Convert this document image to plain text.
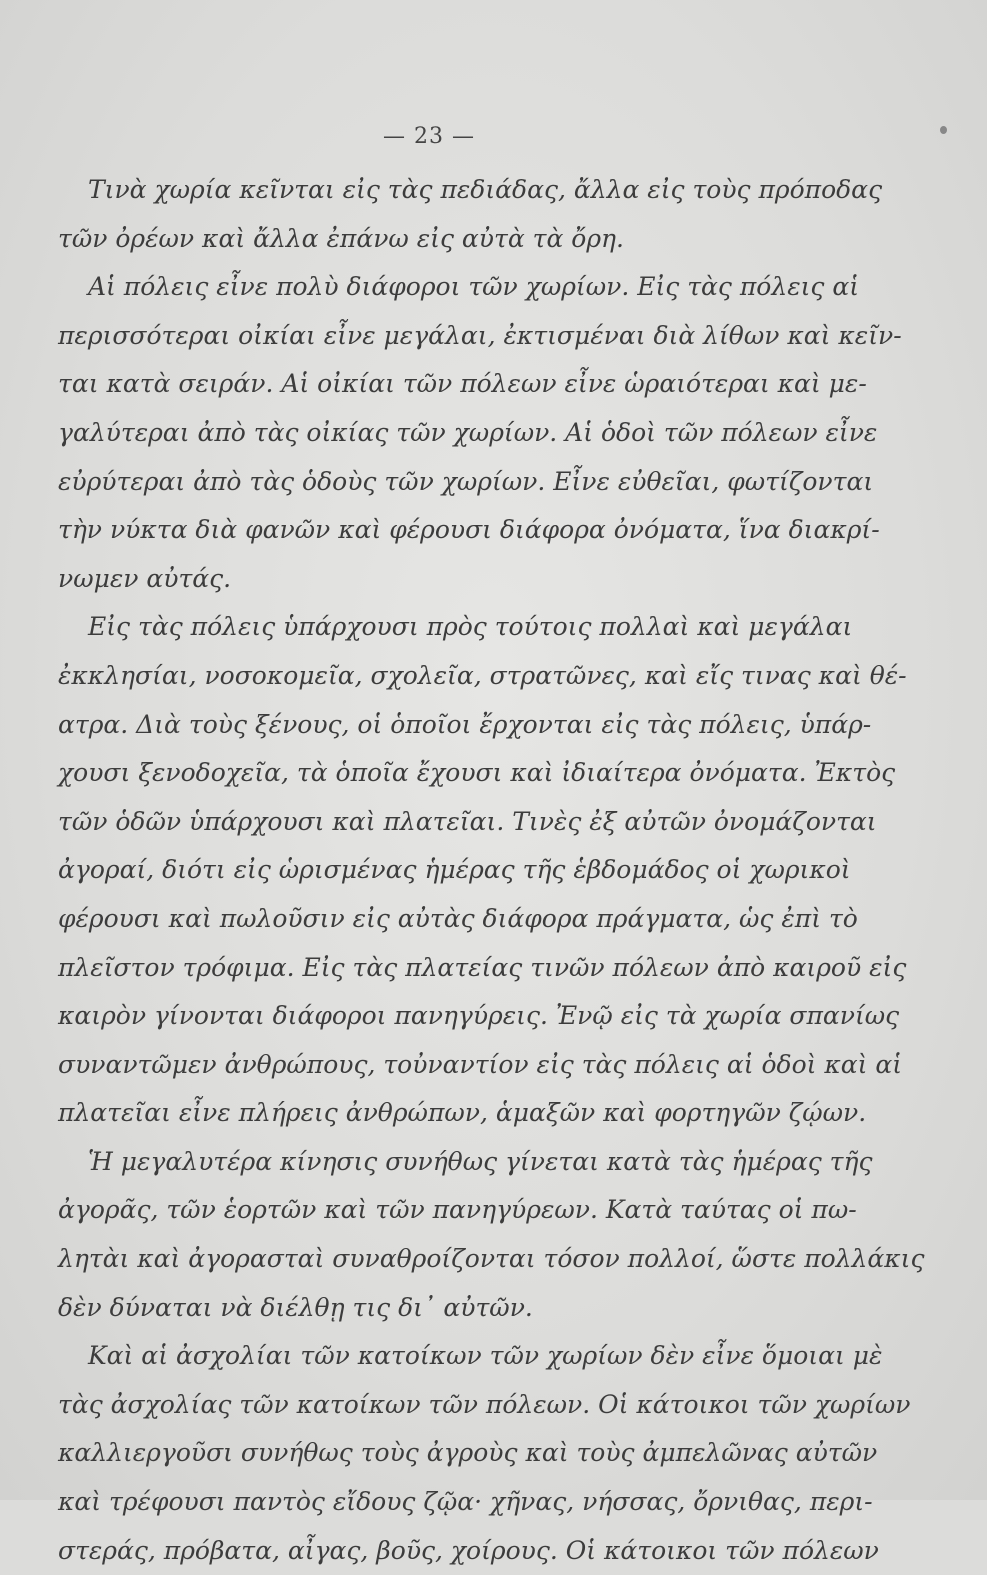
— 23 —
Τινὰ χωρία κεῖνται εἰς τὰς πεδιάδας, ἄλλα εἰς τοὺς πρόποδας
τῶν ὀρέων καὶ ἄλλα ἐπάνω εἰς αὐτὰ τὰ ὄρη.
Αἱ πόλεις εἶνε πολὺ διάφοροι τῶν χωρίων. Εἰς τὰς πόλεις αἱ
περισσότεραι οἰκίαι εἶνε μεγάλαι, ἐκτισμέναι διὰ λίθων καὶ κεῖν-
ται κατὰ σειράν. Αἱ οἰκίαι τῶν πόλεων εἶνε ὡραιότεραι καὶ με-
γαλύτεραι ἀπὸ τὰς οἰκίας τῶν χωρίων. Αἱ ὁδοὶ τῶν πόλεων εἶνε
εὐρύτεραι ἀπὸ τὰς ὁδοὺς τῶν χωρίων. Εἶνε εὐθεῖαι, φωτίζονται
τὴν νύκτα διὰ φανῶν καὶ φέρουσι διάφορα ὀνόματα, ἵνα διακρί-
νωμεν αὐτάς.
Εἰς τὰς πόλεις ὑπάρχουσι πρὸς τούτοις πολλαὶ καὶ μεγάλαι
ἐκκλησίαι, νοσοκομεῖα, σχολεῖα, στρατῶνες, καὶ εἴς τινας καὶ θέ-
ατρα. Διὰ τοὺς ξένους, οἱ ὁποῖοι ἔρχονται εἰς τὰς πόλεις, ὑπάρ-
χουσι ξενοδοχεῖα, τὰ ὁποῖα ἔχουσι καὶ ἰδιαίτερα ὀνόματα. Ἐκτὸς
τῶν ὁδῶν ὑπάρχουσι καὶ πλατεῖαι. Τινὲς ἐξ αὐτῶν ὀνομάζονται
ἀγοραί, διότι εἰς ὡρισμένας ἡμέρας τῆς ἑβδομάδος οἱ χωρικοὶ
φέρουσι καὶ πωλοῦσιν εἰς αὐτὰς διάφορα πράγματα, ὡς ἐπὶ τὸ
πλεῖστον τρόφιμα. Εἰς τὰς πλατείας τινῶν πόλεων ἀπὸ καιροῦ εἰς
καιρὸν γίνονται διάφοροι πανηγύρεις. Ἐνῷ εἰς τὰ χωρία σπανίως
συναντῶμεν ἀνθρώπους, τοὐναντίον εἰς τὰς πόλεις αἱ ὁδοὶ καὶ αἱ
πλατεῖαι εἶνε πλήρεις ἀνθρώπων, ἁμαξῶν καὶ φορτηγῶν ζῴων.
Ἡ μεγαλυτέρα κίνησις συνήθως γίνεται κατὰ τὰς ἡμέρας τῆς
ἀγορᾶς, τῶν ἑορτῶν καὶ τῶν πανηγύρεων. Κατὰ ταύτας οἱ πω-
λητὰι καὶ ἀγορασταὶ συναθροίζονται τόσον πολλοί, ὥστε πολλάκις
δὲν δύναται νὰ διέλθῃ τις δι᾽ αὐτῶν.
Καὶ αἱ ἀσχολίαι τῶν κατοίκων τῶν χωρίων δὲν εἶνε ὅμοιαι μὲ
τὰς ἀσχολίας τῶν κατοίκων τῶν πόλεων. Οἱ κάτοικοι τῶν χωρίων
καλλιεργοῦσι συνήθως τοὺς ἀγροὺς καὶ τοὺς ἀμπελῶνας αὐτῶν
καὶ τρέφουσι παντὸς εἴδους ζῷα· χῆνας, νήσσας, ὄρνιθας, περι-
στεράς, πρόβατα, αἶγας, βοῦς, χοίρους. Οἱ κάτοικοι τῶν πόλεων
